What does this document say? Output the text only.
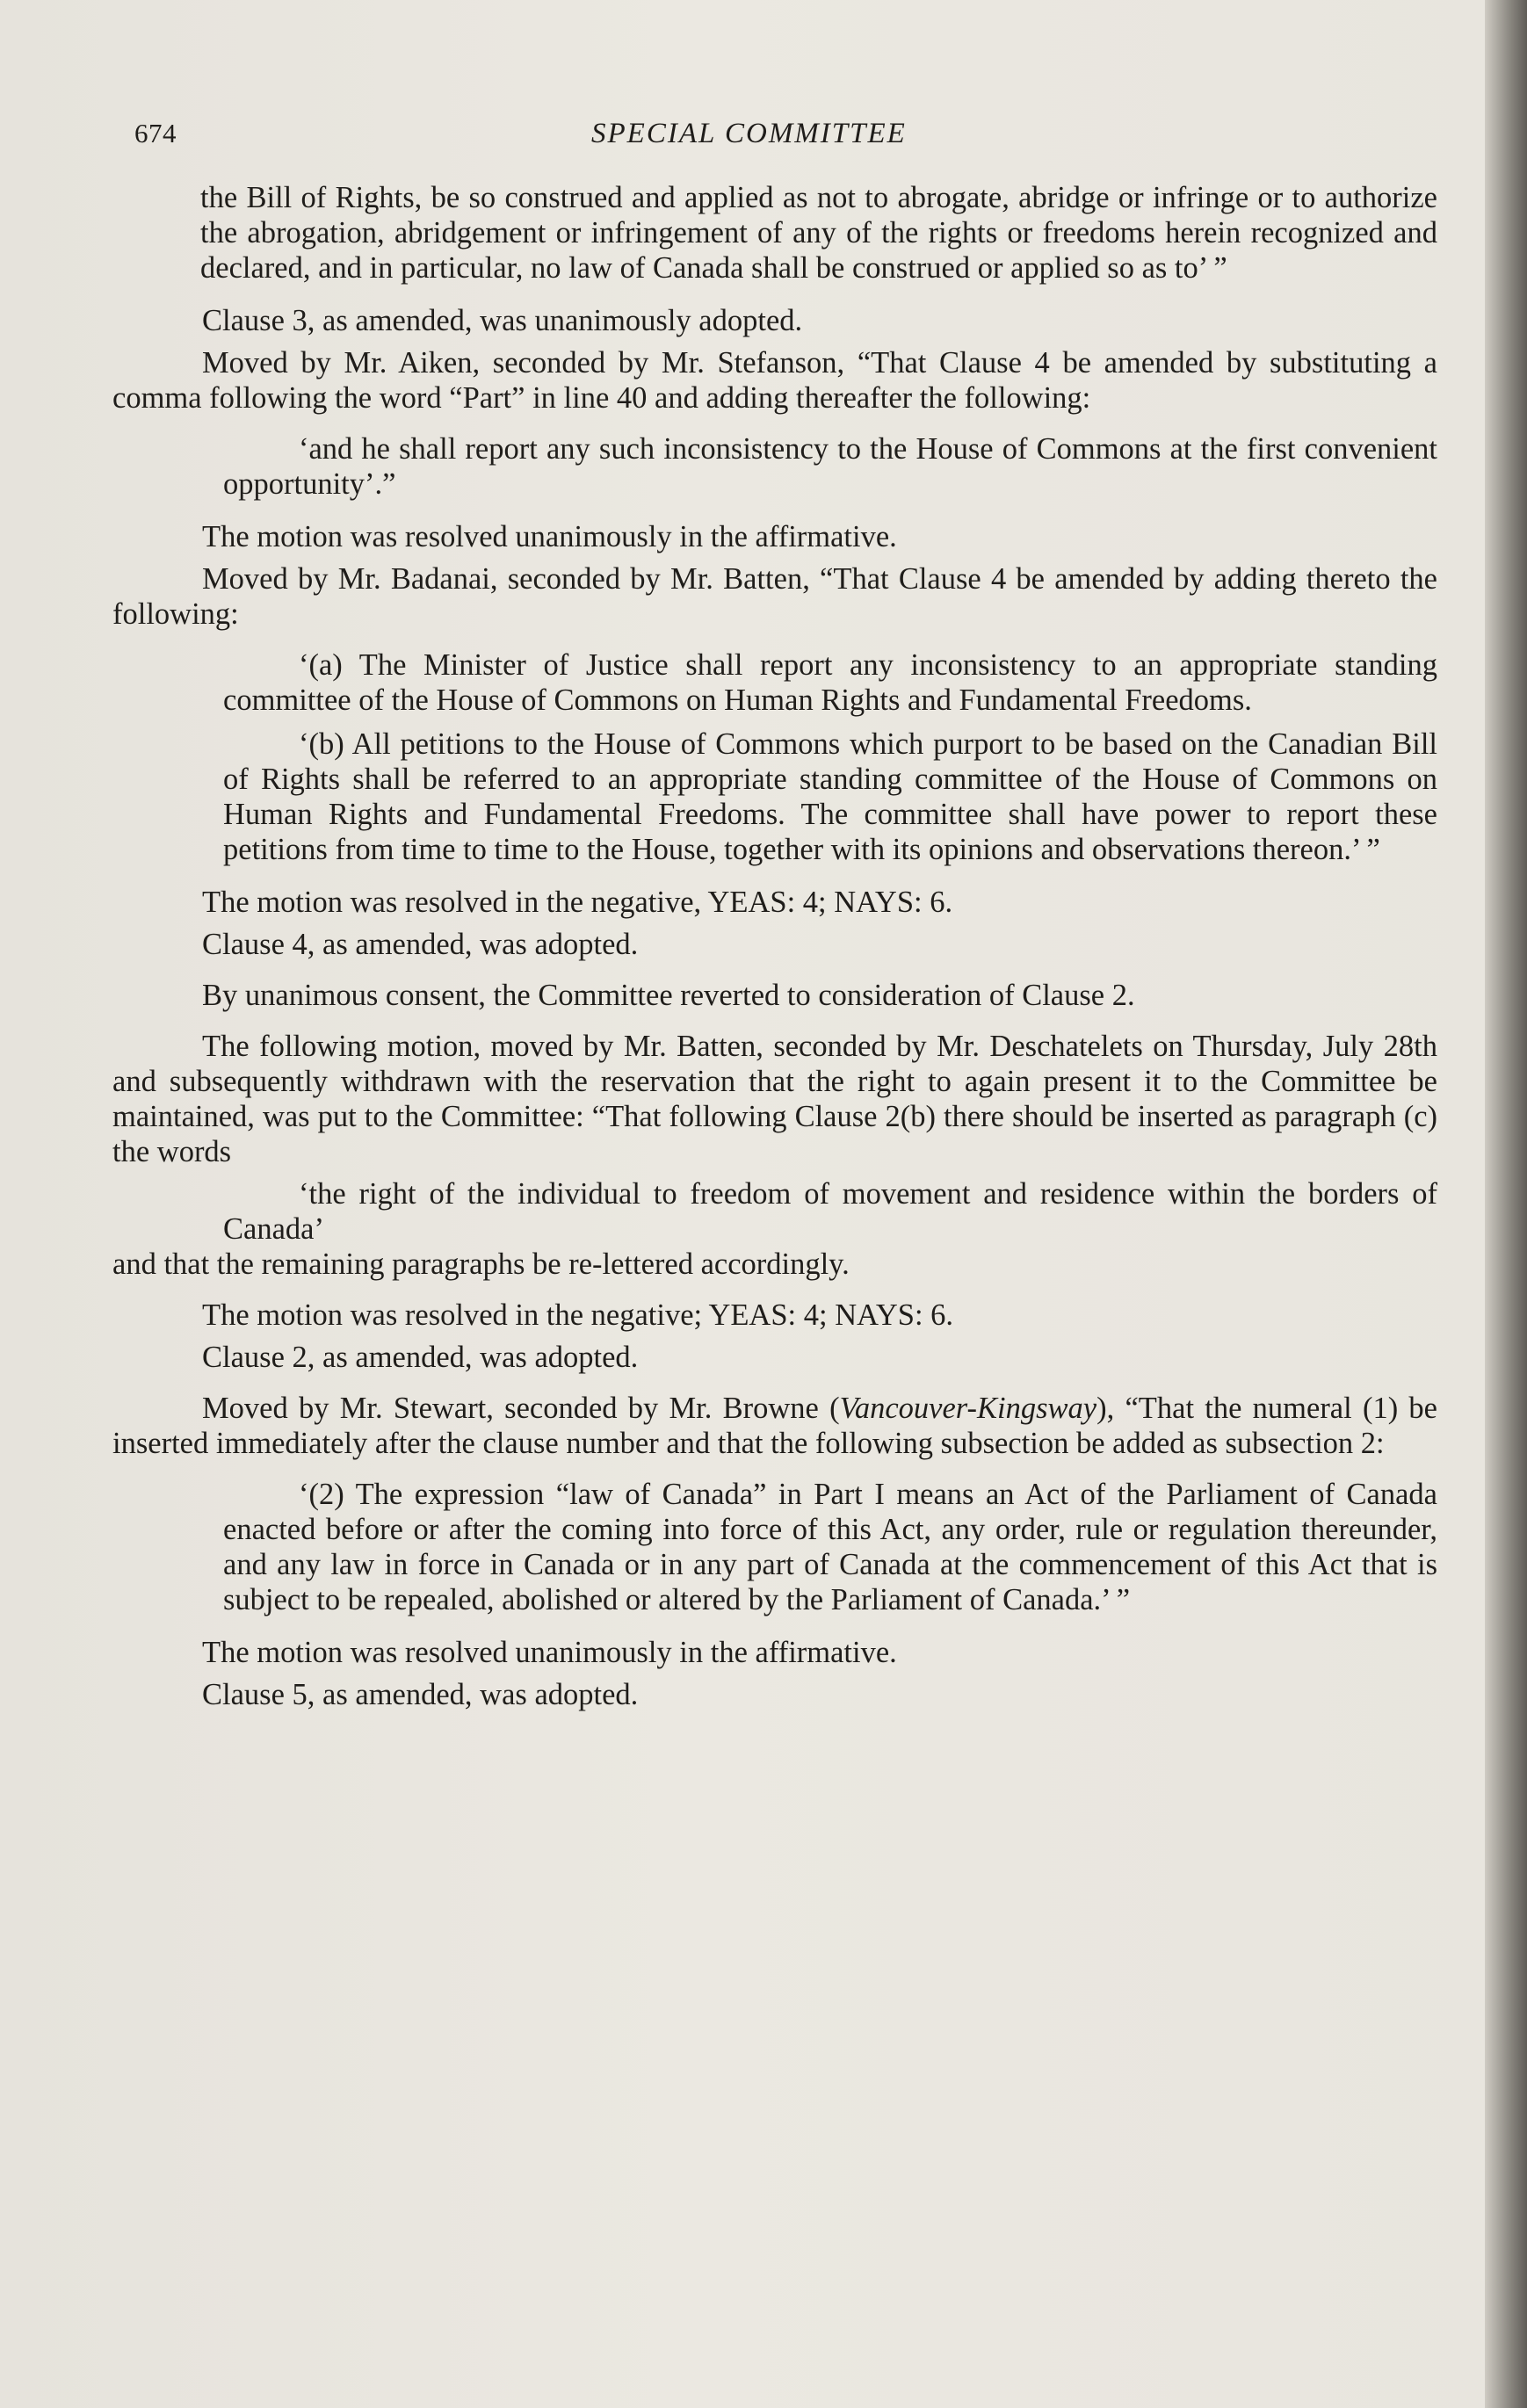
674	SPECIAL COMMITTEE

the Bill of Rights, be so construed and applied as not to abrogate, abridge or infringe or to authorize the abrogation, abridgement or infringement of any of the rights or freedoms herein recognized and declared, and in particular, no law of Canada shall be construed or applied so as to’ ”

Clause 3, as amended, was unanimously adopted.

Moved by Mr. Aiken, seconded by Mr. Stefanson, “That Clause 4 be amended by substituting a comma following the word “Part” in line 40 and adding thereafter the following:

‘and he shall report any such inconsistency to the House of Commons at the first convenient opportunity’.”

The motion was resolved unanimously in the affirmative.

Moved by Mr. Badanai, seconded by Mr. Batten, “That Clause 4 be amended by adding thereto the following:

‘(a) The Minister of Justice shall report any inconsistency to an appropriate standing committee of the House of Commons on Human Rights and Fundamental Freedoms.

‘(b) All petitions to the House of Commons which purport to be based on the Canadian Bill of Rights shall be referred to an appropriate standing committee of the House of Commons on Human Rights and Fundamental Freedoms. The committee shall have power to report these petitions from time to time to the House, together with its opinions and observations thereon.’ ”

The motion was resolved in the negative, YEAS: 4; NAYS: 6.

Clause 4, as amended, was adopted.

By unanimous consent, the Committee reverted to consideration of Clause 2.

The following motion, moved by Mr. Batten, seconded by Mr. Deschatelets on Thursday, July 28th and subsequently withdrawn with the reservation that the right to again present it to the Committee be maintained, was put to the Committee: “That following Clause 2(b) there should be inserted as paragraph (c) the words

‘the right of the individual to freedom of movement and residence within the borders of Canada’

and that the remaining paragraphs be re-lettered accordingly.

The motion was resolved in the negative; YEAS: 4; NAYS: 6.

Clause 2, as amended, was adopted.

Moved by Mr. Stewart, seconded by Mr. Browne (Vancouver-Kingsway), “That the numeral (1) be inserted immediately after the clause number and that the following subsection be added as subsection 2:

‘(2) The expression “law of Canada” in Part I means an Act of the Parliament of Canada enacted before or after the coming into force of this Act, any order, rule or regulation thereunder, and any law in force in Canada or in any part of Canada at the commencement of this Act that is subject to be repealed, abolished or altered by the Parliament of Canada.’ ”

The motion was resolved unanimously in the affirmative.

Clause 5, as amended, was adopted.
